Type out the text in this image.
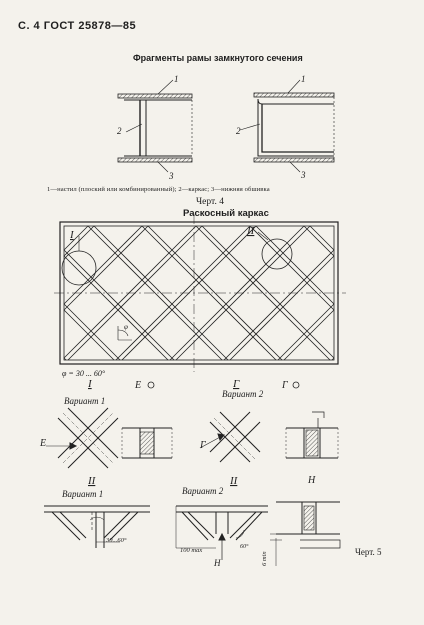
С. 4 ГОСТ 25878—85
Фрагменты рамы замкнутого сечения
1—настил (плоский или комбинированный); 2—каркас; 3—нижняя обшивка
Черт. 4
Раскосный каркас
Черт. 5
1
2
3
1
2
3
I	II
φ
φ = 30 ... 60°
I	E	Г	Г
Вариант 1
Вариант 2
E	Г
II	II	H
Вариант 1	Вариант 2
30...60°
100 max
H
60°
6 min
